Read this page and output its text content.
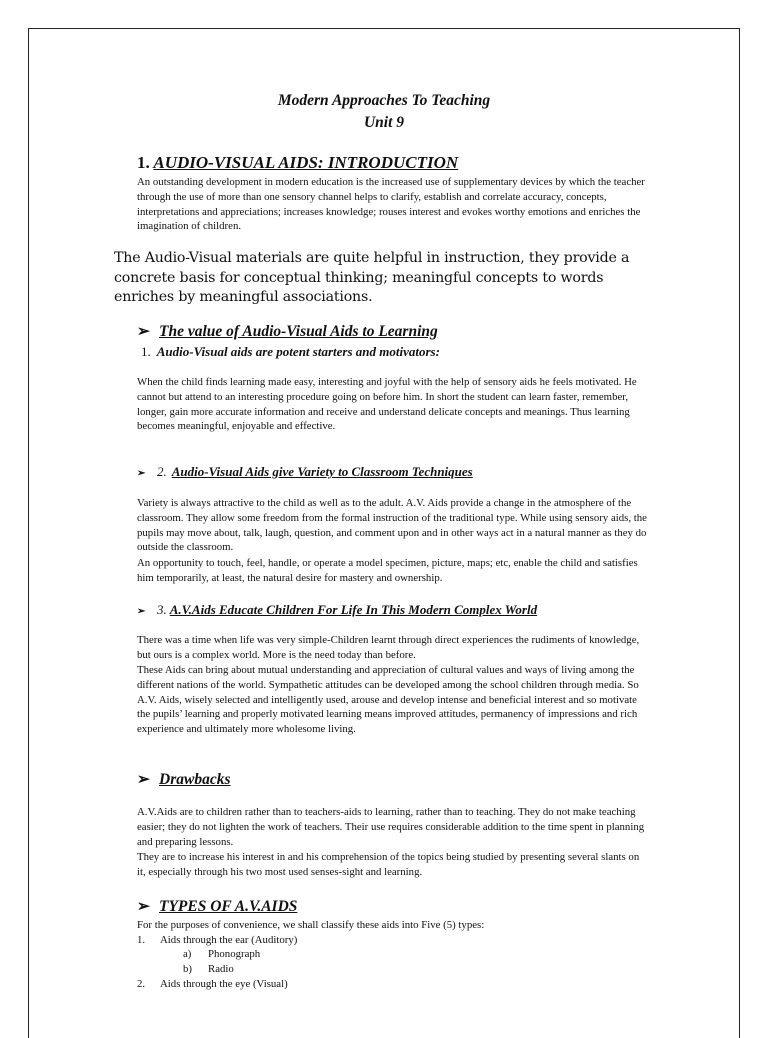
Modern Approaches To Teaching
Unit 9
1. AUDIO-VISUAL AIDS: INTRODUCTION

An outstanding development in modern education is the increased use of supplementary devices by which the teacher through the use of more than one sensory channel helps to clarify, establish and correlate accuracy, concepts, interpretations and appreciations; increases knowledge; rouses interest and evokes worthy emotions and enriches the imagination of children.

The Audio-Visual materials are quite helpful in instruction, they provide a concrete basis for conceptual thinking; meaningful concepts to words enriches by meaningful associations.

➢ The value of Audio-Visual Aids to Learning
1. Audio-Visual aids are potent starters and motivators:

When the child finds learning made easy, interesting and joyful with the help of sensory aids he feels motivated. He cannot but attend to an interesting procedure going on before him. In short the student can learn faster, remember, longer, gain more accurate information and receive and understand delicate concepts and meanings. Thus learning becomes meaningful, enjoyable and effective.

➢ 2. Audio-Visual Aids give Variety to Classroom Techniques

Variety is always attractive to the child as well as to the adult. A.V. Aids provide a change in the atmosphere of the classroom. They allow some freedom from the formal instruction of the traditional type. While using sensory aids, the pupils may move about, talk, laugh, question, and comment upon and in other ways act in a natural manner as they do outside the classroom.

An opportunity to touch, feel, handle, or operate a model specimen, picture, maps; etc, enable the child and satisfies him temporarily, at least, the natural desire for mastery and ownership.

➢ 3. A.V.Aids Educate Children For Life In This Modern Complex World

There was a time when life was very simple-Children learnt through direct experiences the rudiments of knowledge, but ours is a complex world. More is the need today than before.

These Aids can bring about mutual understanding and appreciation of cultural values and ways of living among the different nations of the world. Sympathetic attitudes can be developed among the school children through media. So A.V. Aids, wisely selected and intelligently used, arouse and develop intense and beneficial interest and so motivate the pupils’ learning and properly motivated learning means improved attitudes, permanency of impressions and rich experience and ultimately more wholesome living.

➢ Drawbacks

A.V.Aids are to children rather than to teachers-aids to learning, rather than to teaching. They do not make teaching easier; they do not lighten the work of teachers. Their use requires considerable addition to the time spent in planning and preparing lessons.

They are to increase his interest in and his comprehension of the topics being studied by presenting several slants on it, especially through his two most used senses-sight and learning.

➢ TYPES OF A.V.AIDS

For the purposes of convenience, we shall classify these aids into Five (5) types:

1. Aids through the ear (Auditory)
a) Phonograph
b) Radio
2. Aids through the eye (Visual)
